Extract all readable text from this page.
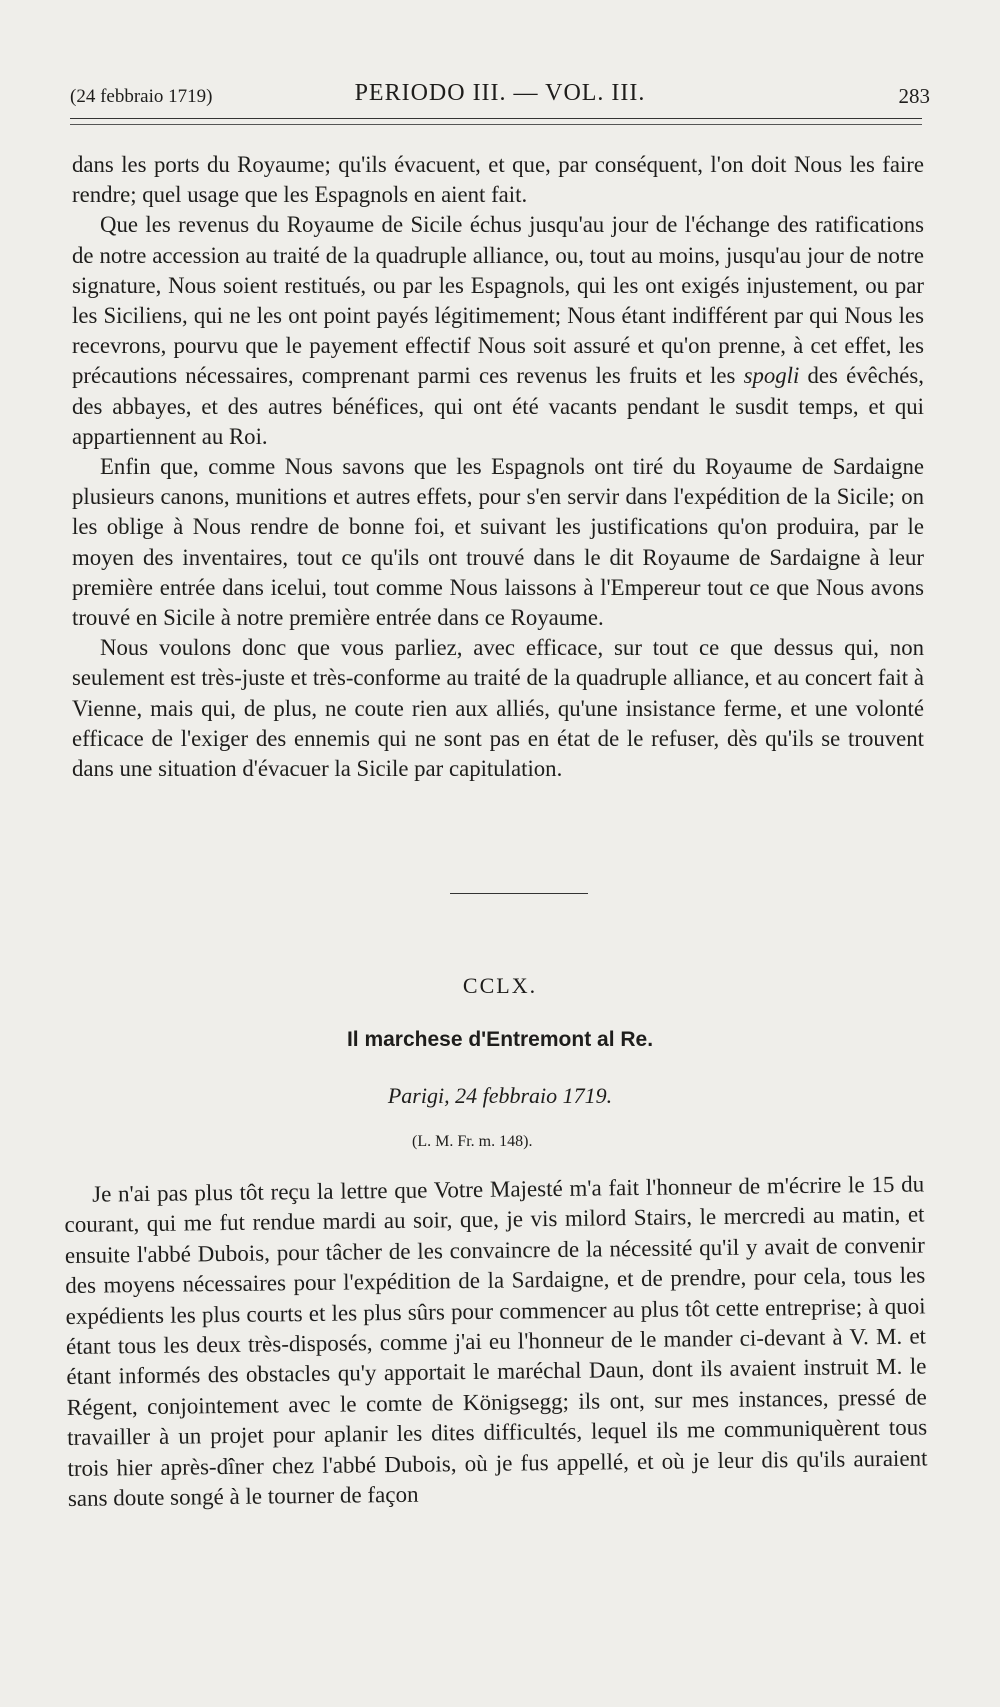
(24 febbraio 1719)	PERIODO III. — VOL. III.	283

dans les ports du Royaume; qu'ils évacuent, et que, par conséquent, l'on doit Nous les faire rendre; quel usage que les Espagnols en aient fait.

Que les revenus du Royaume de Sicile échus jusqu'au jour de l'échange des ratifications de notre accession au traité de la quadruple alliance, ou, tout au moins, jusqu'au jour de notre signature, Nous soient restitués, ou par les Espagnols, qui les ont exigés injustement, ou par les Siciliens, qui ne les ont point payés légitimement; Nous étant indifférent par qui Nous les recevrons, pourvu que le payement effectif Nous soit assuré et qu'on prenne, à cet effet, les précautions nécessaires, comprenant parmi ces revenus les fruits et les spogli des évêchés, des abbayes, et des autres bénéfices, qui ont été vacants pendant le susdit temps, et qui appartiennent au Roi.

Enfin que, comme Nous savons que les Espagnols ont tiré du Royaume de Sardaigne plusieurs canons, munitions et autres effets, pour s'en servir dans l'expédition de la Sicile; on les oblige à Nous rendre de bonne foi, et suivant les justifications qu'on produira, par le moyen des inventaires, tout ce qu'ils ont trouvé dans le dit Royaume de Sardaigne à leur première entrée dans icelui, tout comme Nous laissons à l'Empereur tout ce que Nous avons trouvé en Sicile à notre première entrée dans ce Royaume.

Nous voulons donc que vous parliez, avec efficace, sur tout ce que dessus qui, non seulement est très-juste et très-conforme au traité de la quadruple alliance, et au concert fait à Vienne, mais qui, de plus, ne coute rien aux alliés, qu'une insistance ferme, et une volonté efficace de l'exiger des ennemis qui ne sont pas en état de le refuser, dès qu'ils se trouvent dans une situation d'évacuer la Sicile par capitulation.

CCLX.
Il marchese d'Entremont al Re.
Parigi, 24 febbraio 1719.
(L. M. Fr. m. 148).

Je n'ai pas plus tôt reçu la lettre que Votre Majesté m'a fait l'honneur de m'écrire le 15 du courant, qui me fut rendue mardi au soir, que, je vis milord Stairs, le mercredi au matin, et ensuite l'abbé Dubois, pour tâcher de les convaincre de la nécessité qu'il y avait de convenir des moyens nécessaires pour l'expédition de la Sardaigne, et de prendre, pour cela, tous les expédients les plus courts et les plus sûrs pour commencer au plus tôt cette entreprise; à quoi étant tous les deux très-disposés, comme j'ai eu l'honneur de le mander ci-devant à V. M. et étant informés des obstacles qu'y apportait le maréchal Daun, dont ils avaient instruit M. le Régent, conjointement avec le comte de Königsegg; ils ont, sur mes instances, pressé de travailler à un projet pour aplanir les dites difficultés, lequel ils me communiquèrent tous trois hier après-dîner chez l'abbé Dubois, où je fus appellé, et où je leur dis qu'ils auraient sans doute songé à le tourner de façon
